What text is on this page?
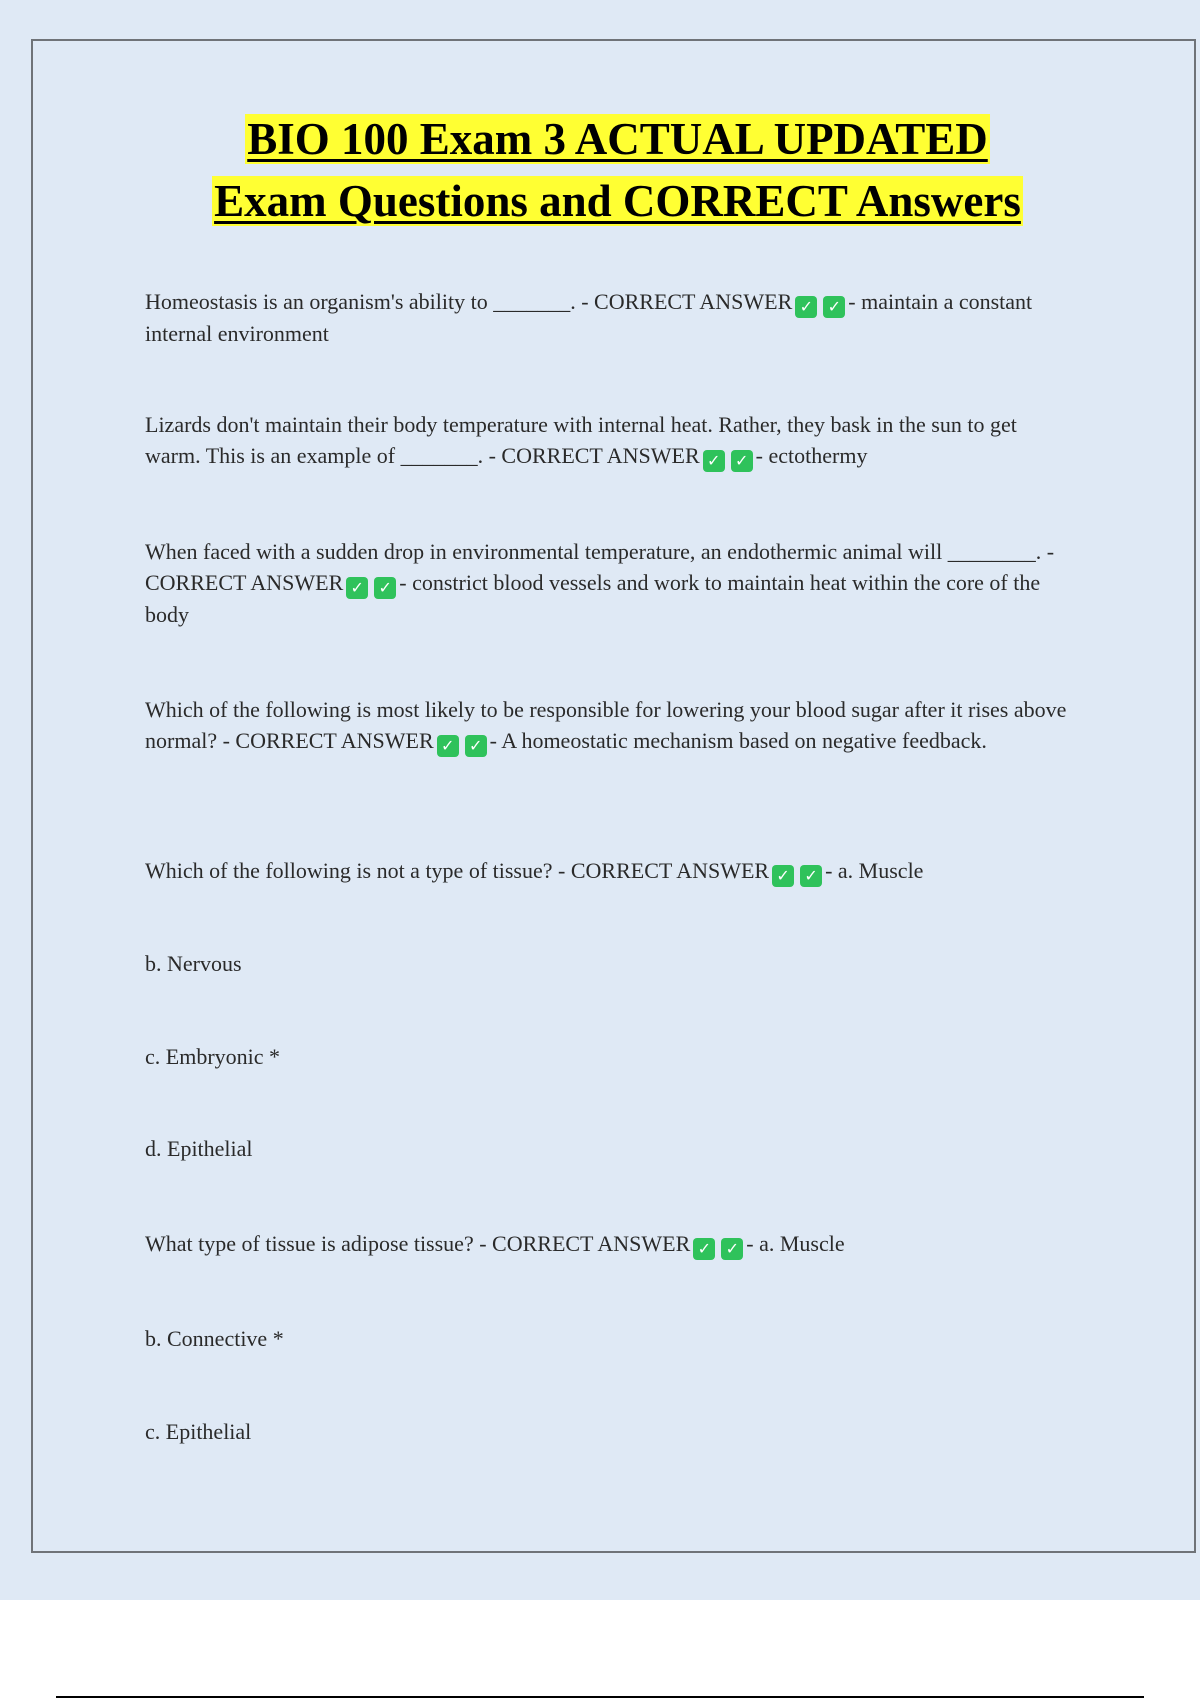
BIO 100 Exam 3 ACTUAL UPDATED
Exam Questions and CORRECT Answers
Homeostasis is an organism's ability to _______. - CORRECT ANSWER ✓ ✓ - maintain a constant internal environment
Lizards don't maintain their body temperature with internal heat. Rather, they bask in the sun to get warm. This is an example of _______. - CORRECT ANSWER ✓ ✓ - ectothermy
When faced with a sudden drop in environmental temperature, an endothermic animal will ________. - CORRECT ANSWER ✓ ✓ - constrict blood vessels and work to maintain heat within the core of the body
Which of the following is most likely to be responsible for lowering your blood sugar after it rises above normal? - CORRECT ANSWER ✓ ✓ - A homeostatic mechanism based on negative feedback.
Which of the following is not a type of tissue? - CORRECT ANSWER ✓ ✓ - a. Muscle
b. Nervous
c. Embryonic *
d. Epithelial
What type of tissue is adipose tissue? - CORRECT ANSWER ✓ ✓ - a. Muscle
b. Connective *
c. Epithelial
